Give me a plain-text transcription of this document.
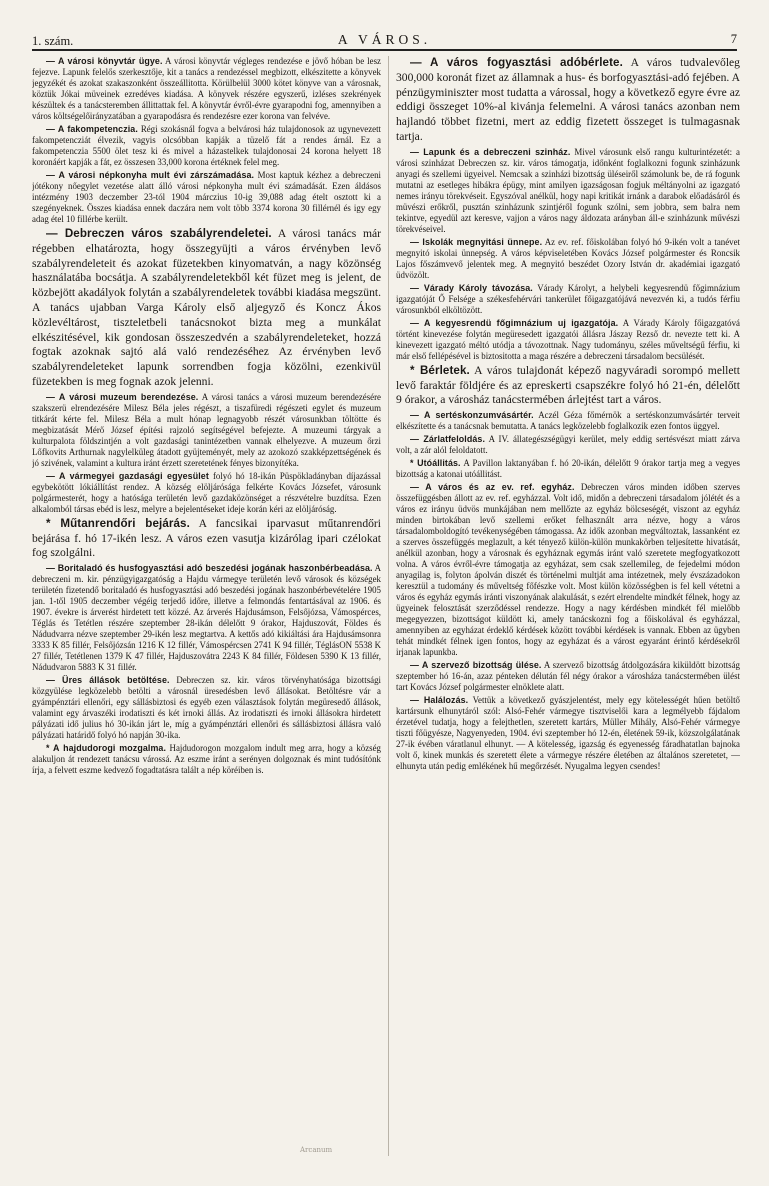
1. szám.	A VÁROS.	7

— A városi könyvtár ügye. A városi könyvtár végleges rendezése e jövő hóban be lesz fejezve. Lapunk felelős szerkesztője, kit a tanács a rendezéssel megbizott, elkészitette a könyvek jegyzékét és azokat szakaszonként összeállitotta. Körülbelül 3000 kötet könyve van a városnak, köztük Jókai müveinek ezredéves kiadása. A könyvek részére egyszerű, izléses szekrények készültek és a tanácsteremben állittattak fel. A könyvtár évről-évre gyarapodni fog, amennyiben a város költségelőirányzatában a gyarapodásra és rendezésre ezer korona van felvéve.

— A fakompetenczia. Régi szokásnál fogva a belvárosi ház tulajdonosok az ugynevezett fakompetencziát élvezik, vagyis olcsóbban kapják a tüzelő fát a rendes árnál. Ez a fakompetenczia 5500 ölet tesz ki és mivel a házastelkek tulajdonosai 24 korona helyett 18 koronáért kapják a fát, ez összesen 33,000 korona értéknek felel meg.

— A városi népkonyha mult évi zárszámadása. Most kaptuk kézhez a debreczeni jótékony nőegylet vezetése alatt álló városi népkonyha mult évi számadását. Ezen áldásos intézmény 1903 deczember 23-tól 1904 márczius 10-ig 39,088 adag ételt osztott ki a szegényeknek. Összes kiadása ennek daczára nem volt több 3374 korona 30 fillérnél és igy egy adag étel 10 fillérbe került.

— Debreczen város szabályrendeletei. A városi tanács már régebben elhatározta, hogy összegyüjti a város érvényben levő szabályrendeleteit és azokat füzetekben kinyomatván, a nagy közönség használatába bocsátja. A szabályrendeletekből két füzet meg is jelent, de közbejött akadályok folytán a szabályrendeletek további kiadása megszünt. A tanács ujabban Varga Károly első aljegyző és Koncz Ákos közlevéltárost, tiszteletbeli tanácsnokot bizta meg a munkálat elkészitésével, kik gondosan összeszedvén a szabályrendeleteket, hozzá fogtak azoknak sajtó alá való rendezéséhez Az érvényben levő szabályrendeleteket lapunk sorrendben fogja közölni, ezenkivül füzetekben is meg fognak azok jelenni.

— A városi muzeum berendezése. A városi tanács a városi muzeum berendezésére szakszerü elrendezésére Milesz Béla jeles régészt, a tiszafüredi régészeti egylet és muzeum titkárát kérte fel. Milesz Béla a mult hónap legnagyobb részét városunkban töltötte és megbizatását Mérő József építési rajzoló segítségével befejezte. A muzeumi tárgyak a kulturpalota földszintjén a volt gazdasági tanintézetben vannak elhelyezve. A muzeum őrzi Lőfkovits Arthurnak nagylelküleg átadott gyüjteményét, mely az azokozó szakképzettségének és jó szivének, valamint a kultura iránt érzett szeretetének fényes bizonyítéka.

— A vármegyei gazdasági egyesület folyó hó 18-ikán Püspökladányban díjazással egybekötött lókiállítást rendez. A község elöljárósága felkérte Kovács Józsefet, városunk polgármesterét, hogy a hatósága területén levő gazdaközönséget a részvételre buzdítsa. Ezen alkalomból társas ebéd is lesz, melyre a bejelentéseket ideje korán kéri az elöljáróság.

* Műtanrendőri bejárás. A fancsikai iparvasut műtanrendőri bejárása f. hó 17-ikén lesz. A város ezen vasutja kizárólag ipari czélokat fog szolgálni.

— Boritaladó és husfogyasztási adó beszedési jogának haszonbérbeadása. A debreczeni m. kir. pénzügyigazgatóság a Hajdu vármegye területén levő városok és községek területén fizetendő boritaladó és husfogyasztási adó beszedési jogának haszonbérbevételére 1905 jan. 1-től 1905 deczember végéig terjedő időre, illetve a felmondás fentartásával az 1906. és 1907. évekre is árverést hirdetett tett közzé. Az árverés Hajdusámson, Felsőjózsa, Vámospérces, Téglás és Tetétlen részére szeptember 28-ikán délelőtt 9 órakor, Hajduszovát, Földes és Nádudvarra nézve szeptember 29-ikén lesz megtartva. A kettős adó kikiáltási ára Hajdusámsonra 3333 K 85 fillér, Felsőjózsán 1216 K 12 fillér, Vámospércsen 2741 K 94 fillér, TéglásON 5538 K 27 fillér, Tetétlenen 1379 K 47 fillér, Hajduszovátra 2243 K 84 fillér, Földesen 5390 K 13 fillér, Nádudvaron 5883 K 31 fillér.

— Üres állások betöltése. Debreczen sz. kir. város törvényhatósága bizottsági közgyülése legközelebb betölti a városnál üresedésben levő állásokat. Betöltésre vár a gyámpénztári ellenőri, egy sállásbiztosi és egyéb ezen választások folytán megüresedő állások, valamint egy árvaszéki irodatiszti és két irnoki állás. Az irodatiszti és irnoki állásokra hirdetett pályázati idő julius hó 30-ikán járt le, míg a gyámpénztári ellenőri és sállásbiztosi állásra való pályázati határidő folyó hó napján 30-ika.

* A hajdudorogi mozgalma. Hajdudorogon mozgalom indult meg arra, hogy a község alakuljon át rendezett tanácsu várossá. Az eszme iránt a serényen dolgoznak és mint tudósítónk írja, a felvett eszme kedvező fogadtatásra talált a nép köréiben is.

— A város fogyasztási adóbérlete. A város tudvalevőleg 300,000 koronát fizet az államnak a hus- és borfogyasztási-adó fejében. A pénzügyminiszter most tudatta a várossal, hogy a következő egyre évre az eddigi összeget 10%-al kivánja felemelni. A városi tanács azonban nem hajlandó többet fizetni, mert az eddig fizetett összeget is tulmagasnak tartja.

— Lapunk és a debreczeni szinház. Mivel városunk első rangu kulturintézetét: a városi szinházat Debreczen sz. kir. város támogatja, időnként foglalkozni fogunk szinházunk anyagi és szellemi ügyeivel. Nemcsak a szinházi bizottság üléseiről számolunk be, de rá fogunk mutatni az esetleges hibákra épügy, mint amilyen igazságosan fogjuk méltányolni az igazgató nemes irányu törekvéseit. Egyszóval anélkül, hogy napi kritikát irnánk a darabok előadásáról és müvészi erőkről, pusztán szinházunk szintjéről fogunk szólni, sem jobbra, sem balra nem tekintve, egyedül azt keresve, vajjon a város nagy áldozata arányban áll-e szinházunk művészi törekvéseivel.

— Iskolák megnyitási ünnepe. Az ev. ref. főiskolában folyó hó 9-ikén volt a tanévet megnyitó iskolai ünnepség. A város képviseletében Kovács József polgármester és Roncsik Lajos főszámvevő jelentek meg. A megnyitó beszédet Ozory István dr. akadémiai igazgató üdvözölt.

— Várady Károly távozása. Várady Károlyt, a helybeli kegyesrendü főgimnázium igazgatóját Ő Felsége a székesfehérvári tankerület főigazgatójává nevezvén ki, a tudós férfiu városunkból elköltözött.

— A kegyesrendü főgimnázium uj igazgatója. A Várady Károly főigazgatóvá történt kinevezése folytán megüresedett igazgatói állásra Jászay Rezső dr. nevezte tett ki. A kinevezett igazgató méltó utódja a távozottnak. Nagy tudományu, széles műveltségű férfiu, ki már első fellépésével is biztositotta a maga részére a debreczeni társadalom becsülését.

* Bérletek. A város tulajdonát képező nagyváradi sorompó mellett levő faraktár földjére és az epreskerti csapszékre folyó hó 21-én, délelőtt 9 órakor, a városház tanácstermében árlejtést tart a város.

— A sertéskonzumvásártér. Aczél Géza főmérnök a sertéskonzumvásártér terveit elkészítette és a tanácsnak bemutatta. A tanács legközelebb foglalkozik ezen fontos üggyel.

— Zárlatfeloldás. A IV. állategészségügyi kerület, mely eddig sertésvészt miatt zárva volt, a zár alól feloldatott.

* Utóállitás. A Pavillon laktanyában f. hó 20-ikán, délelőtt 9 órakor tartja meg a vegyes bizottság a katonai utóállitást.

— A város és az ev. ref. egyház. Debreczen város minden időben szerves összefüggésben állott az ev. ref. egyházzal. Volt idő, midőn a debreczeni társadalom jólétét és a város ez irányu üdvös munkájában nem mellőzte az egyház bölcseségét, viszont az egyház minden birtokában levő szellemi erőket felhasznált arra nézve, hogy a város társadalomboldogító tevékenységében támogassa. Az idők azonban megváltoztak, lassanként ez a szerves összefüggés meglazult, a két tényező külön-külön munkakörben teljesítette hivatását, anélkül azonban, hogy a városnak és egyháznak egymás iránt való szeretete megfogyatkozott volna. A város évről-évre támogatja az egyházat, sem csak szellemileg, de fejedelmi módon anyagilag is, folyton ápolván diszét és történelmi multját ama intézetnek, mely évszázadokon keresztül a tudomány és műveltség főfészke volt. Most külön közösségben is fel kell vétetni a város és egyház egymás iránti viszonyának alakulását, s ezért elrendelte mindkét félnek, hogy az ügyeinek felosztását szerződéssel rendezze. Hogy a nagy kérdésben mindkét fél mielőbb megegyezzen, bizottságot küldött ki, amely tanácskozni fog a főiskolával és egyházzal, amennyiben az egyházat érdeklő kérdések között további kérdések is vannak. Ebben az ügyben tehát mindkét félnek igen fontos, hogy az egyházat és a várost egyaránt érintő kérdésekről irjanak lapunkba.

— A szervező bizottság ülése. A szervező bizottság átdolgozására kiküldött bizottság szeptember hó 16-án, azaz pénteken délután fél négy órakor a városháza tanácstermében ülést tart Kovács József polgármester elnöklete alatt.

— Halálozás. Vettük a következő gyászjelentést, mely egy kötelességét hűen betöltő kartársunk elhunytáról szól: Alsó-Fehér vármegye tisztviselői kara a legmélyebb fájdalom érzetével tudatja, hogy a felejthetlen, szeretett kartárs, Müller Mihály, Alsó-Fehér vármegye tiszti főügyésze, Nagyenyeden, 1904. évi szeptember hó 12-én, életének 59-ik, közszolgálatának 27-ik évében váratlanul elhunyt. — A kötelesség, igazság és egyenesség fáradhatatlan bajnoka volt ő, kinek munkás és szeretett élete a vármegye részére életében az általános szeretetet, — elhunyta után pedig emlékének hű megőrzését. Nyugalma legyen csendes!

Arcanum
